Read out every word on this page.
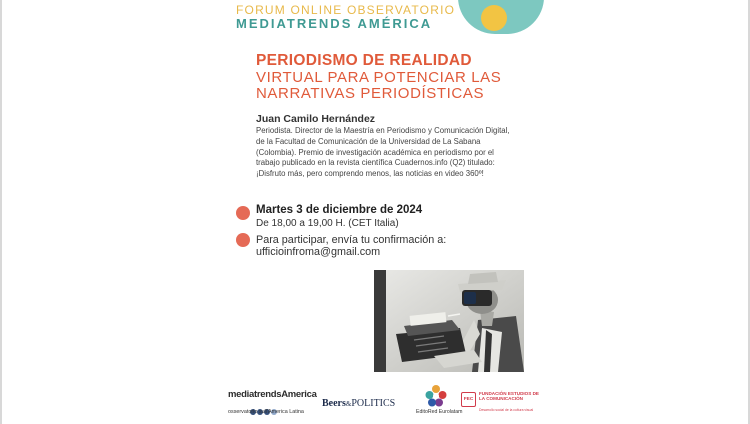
FORUM ONLINE OBSERVATORIO
MEDIATRENDS AMÉRICA
PERIODISMO DE REALIDAD
VIRTUAL PARA POTENCIAR LAS
NARRATIVAS PERIODÍSTICAS
Juan Camilo Hernández
Periodista. Director de la Maestría en Periodismo y Comunicación Digital, de la Facultad de Comunicación de la Universidad de La Sabana (Colombia). Premio de investigación académica en periodismo por el trabajo publicado en la revista científica Cuadernos.info (Q2) titulado: ¡Disfruto más, pero comprendo menos, las noticias en video 360º!
Martes 3 de diciembre de 2024
De 18,00 a 19,00 H. (CET Italia)
Para participar, envía tu confirmación a:
ufficioinfroma@gmail.com
mediatrendsAmerica
osservatorio sull'America Latina
Beers&POLITICS
EditoRed Eurolatam
FEC
FUNDACIÓN ESTUDIOS DE LA COMUNICACIÓN
Desarrollo social de la cultura visual
